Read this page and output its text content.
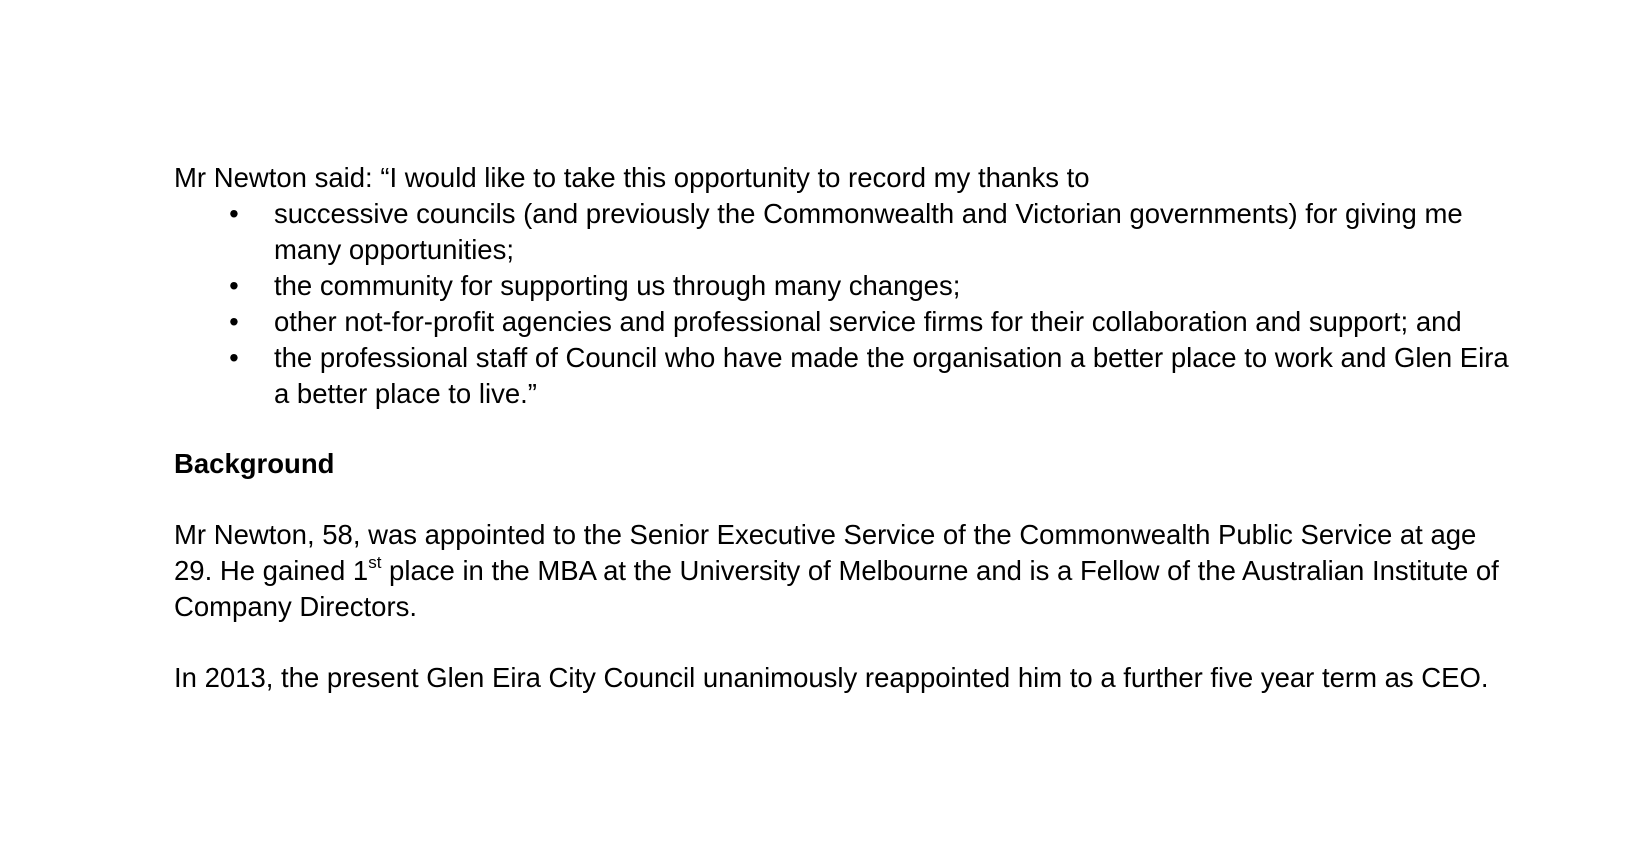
Mr Newton said: “I would like to take this opportunity to record my thanks to

• successive councils (and previously the Commonwealth and Victorian governments) for giving me many opportunities;
• the community for supporting us through many changes;
• other not-for-profit agencies and professional service firms for their collaboration and support; and
• the professional staff of Council who have made the organisation a better place to work and Glen Eira a better place to live.”

Background

Mr Newton, 58, was appointed to the Senior Executive Service of the Commonwealth Public Service at age 29. He gained 1st place in the MBA at the University of Melbourne and is a Fellow of the Australian Institute of Company Directors.

In 2013, the present Glen Eira City Council unanimously reappointed him to a further five year term as CEO.
